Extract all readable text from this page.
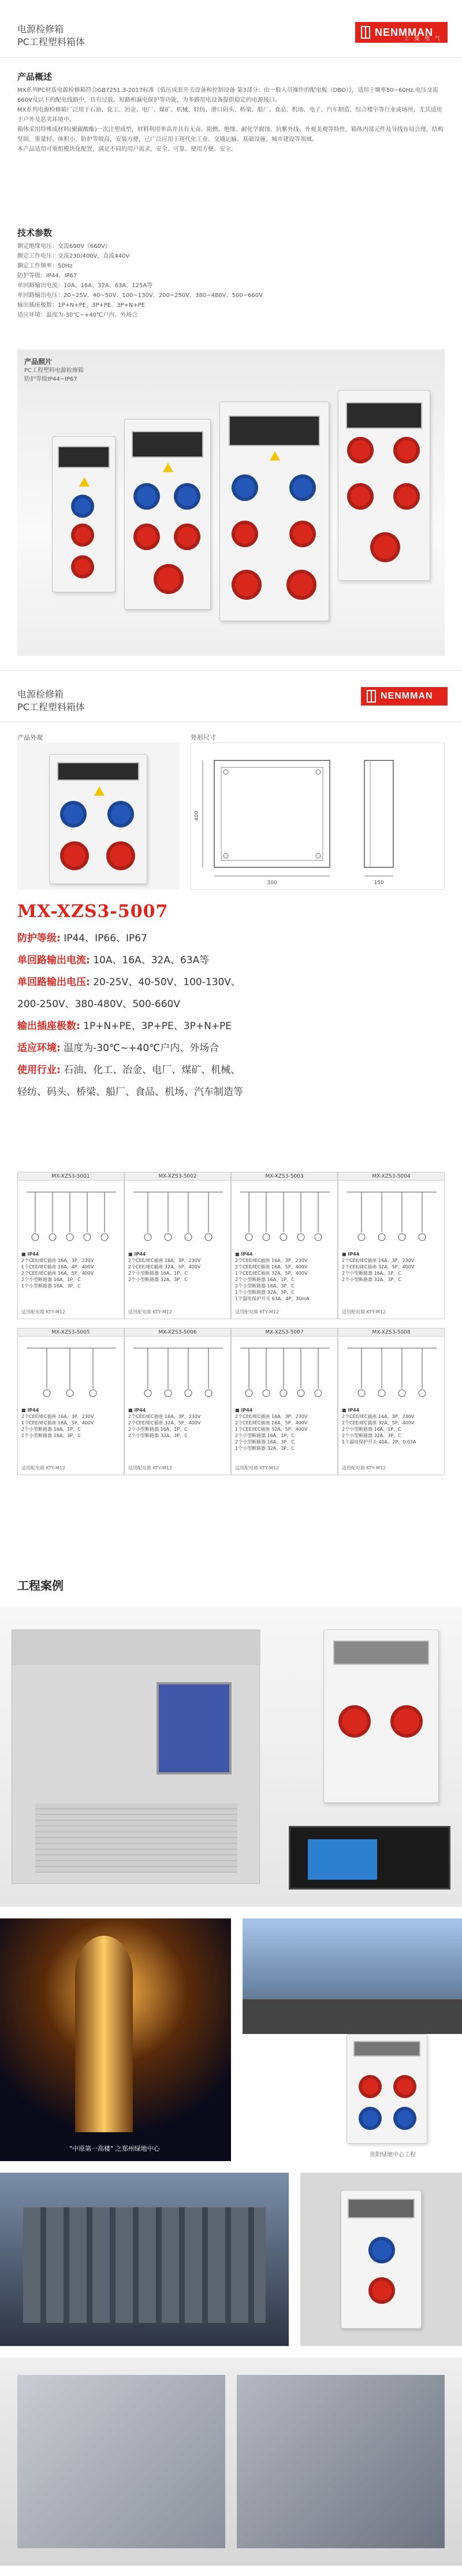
电源检修箱
PC工程塑料箱体
NENMMAN
上 曼 电 气
产品概述

MX系列PC材质电源检修箱符合GB7251.3-2017标准《低压成套开关设备和控制设备 第3部分：由一般人员操作的配电板（DBO）》，适用于频率50~60Hz,电压交流660V及以下的配电线路中，具有过载、短路和漏电保护等功能，为多路用电设备提供稳定的电源接口。

MX系列电源检修箱广泛用于石油、化工、冶金、电厂、煤矿、机械、轻纺、港口码头、桥梁、船厂、食品、机场、电子、汽车制造、综合楼宇等行业或场所，尤其适用于户外及恶劣环境中。

箱体采用特殊成材料(聚碳酸酯)一次注塑成型，材料利用率高并具有无卤、阻燃、绝缘、耐化学腐蚀、抗紫外线、外观美观等特性，箱体内部元件及导线布局合理，结构坚固，重量轻、体积小，防护等级高，安装方便，已广泛应用于现代化工业、交通运输、基础设施、城市建设等领域。

本产品适用可重组模块化配置，满足不同的用户需求，安全、可靠、使用方便、安全。

技术参数
额定绝缘电压：交流690V（660V）
额定工作电压：交流230/400V，直流440V
额定工作频率：50Hz
防护等级：IP44、IP67
单回路输出电流：10A、16A、32A、63A、125A等
单回路输出电压：20~25V、40~50V、100~130V、200~250V、380~480V、500~660V
输出插座极数：1P+N+PE、3P+PE、3P+N+PE
适应环境：温度为-30℃~+40℃户内、外场合
产品照片
PC工程塑料电源检修箱
防护等级IP44~IP67
电源检修箱
PC工程塑料箱体
NENMMAN
产品外观	外形尺寸
300
400
150
MX-XZS3-5007
防护等级: IP44、IP66、IP67
单回路输出电流: 10A、16A、32A、63A等
单回路输出电压: 20-25V、40-50V、100-130V、
200-250V、380-480V、500-660V
输出插座极数: 1P+N+PE、3P+PE、3P+N+PE
适应环境: 温度为-30℃~+40℃户内、外场合
使用行业: 石油、化工、冶金、电厂、煤矿、机械、
轻纺、码头、桥梁、船厂、食品、机场、汽车制造等
MX-XZS3-5001
■ IP44
2个CEE/IEC插座 16A、3P、230V
1个CEE/IEC插座 16A、4P、400V
2个CEE/IEC插座 16A、5P、400V
2个小型断路器 16A、1P、C
1个小型断路器 16A、3P、C
适用配电箱 KTY-M12
MX-XZS3-5002
■ IP44
2个CEE/IEC插座 16A、3P、230V
2个CEE/IEC插座 32A、5P、400V
2个小型断路器 16A、1P、C
2个小型断路器 32A、3P、C
适用配电箱 KTY-M12
MX-XZS3-5003
■ IP44
2个CEE/IEC插座 16A、3P、230V
2个CEE/IEC插座 16A、5P、400V
1个CEE/IEC插座 32A、5P、400V
2个小型断路器 16A、1P、C
2个小型断路器 16A、3P、C
1个小型断路器 32A、3P、C
1个漏电保护开关 63A、4P、30mA
适用配电箱 KTY-M12
MX-XZS3-5004
■ IP44
2个CEE/IEC插座 16A、3P、230V
2个CEE/IEC插座 32A、5P、400V
2个小型断路器 16A、1P、C
2个小型断路器 32A、3P、C
适用配电箱 KTY-M12
MX-XZS3-5005
■ IP44
2个CEE/IEC插座 16A、3P、230V
1个CEE/IEC插座 16A、5P、400V
2个小型断路器 16A、1P、C
1个小型断路器 16A、3P、C
适用配电箱 KTY-M12
MX-XZS3-5006
■ IP44
2个CEE/IEC插座 16A、3P、230V
2个CEE/IEC插座 32A、5P、400V
2个小型断路器 16A、1P、C
2个小型断路器 32A、3P、C
适用配电箱 KTY-M12
MX-XZS3-5007
■ IP44
2个CEE/IEC插座 16A、3P、230V
2个CEE/IEC插座 16A、5P、400V
1个CEE/IEC插座 32A、5P、400V
2个小型断路器 16A、1P、C
2个小型断路器 16A、3P、C
1个小型断路器 32A、3P、C
适用配电箱 KTY-M12
MX-XZS3-5008
■ IP44
2个CEE/IEC插座 16A、3P、230V
2个CEE/IEC插座 32A、5P、400V
2个小型断路器 16A、1P、C
2个小型断路器 32A、3P、C
1个漏电保护开关 40A、2P、0.03A
适用配电箱 KTY-M12
工程案例
"中原第一高楼" 之郑州绿地中心
贵阳绿地中心工程
